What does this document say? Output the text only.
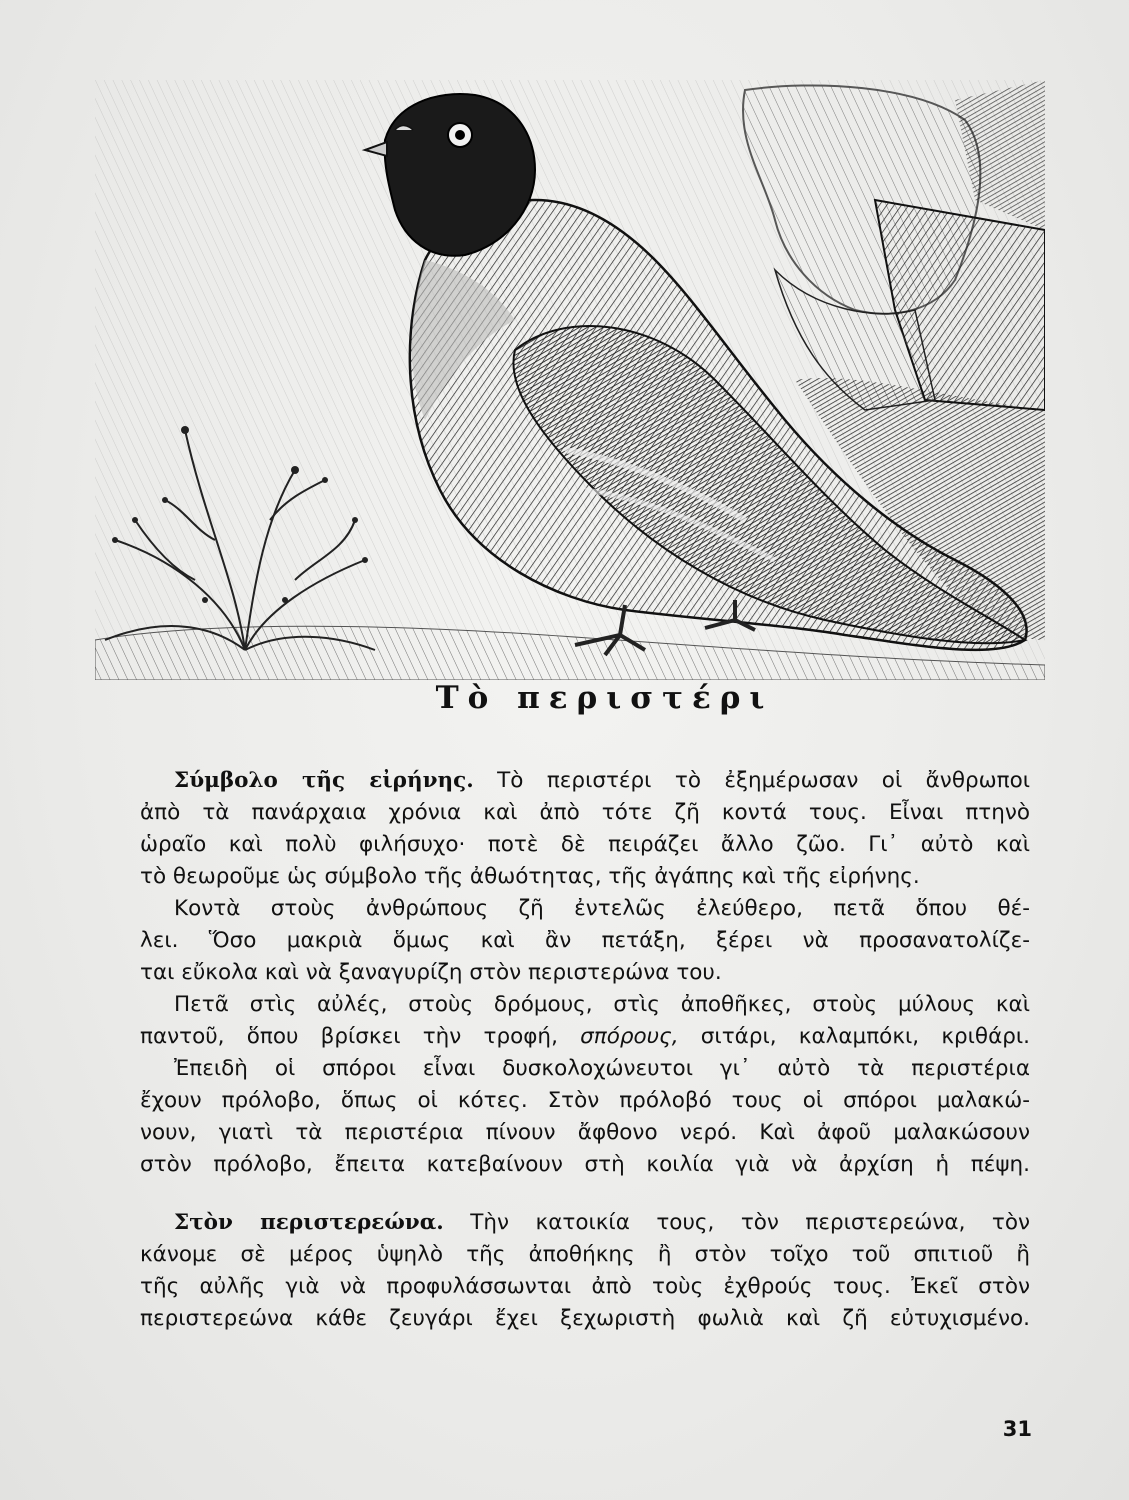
Τὸ περιστέρι
Σύμβολο τῆς εἰρήνης. Τὸ περιστέρι τὸ ἐξημέρωσαν οἱ ἄνθρωποι
ἀπὸ τὰ πανάρχαια χρόνια καὶ ἀπὸ τότε ζῆ κοντά τους. Εἶναι πτηνὸ
ὡραῖο καὶ πολὺ φιλήσυχο· ποτὲ δὲ πειράζει ἄλλο ζῶο. Γι᾽ αὐτὸ καὶ
τὸ θεωροῦμε ὡς σύμβολο τῆς ἀθωότητας, τῆς ἀγάπης καὶ τῆς εἰρήνης.
Κοντὰ στοὺς ἀνθρώπους ζῆ ἐντελῶς ἐλεύθερο, πετᾶ ὅπου θέ-
λει. Ὅσο μακριὰ ὅμως καὶ ἂν πετάξη, ξέρει νὰ προσανατολίζε-
ται εὔκολα καὶ νὰ ξαναγυρίζη στὸν περιστερώνα του.
Πετᾶ στὶς αὐλές, στοὺς δρόμους, στὶς ἀποθῆκες, στοὺς μύλους καὶ
παντοῦ, ὅπου βρίσκει τὴν τροφή, σπόρους, σιτάρι, καλαμπόκι, κριθάρι.
Ἐπειδὴ οἱ σπόροι εἶναι δυσκολοχώνευτοι γι᾽ αὐτὸ τὰ περιστέρια
ἔχουν πρόλοβο, ὅπως οἱ κότες. Στὸν πρόλοβό τους οἱ σπόροι μαλακώ-
νουν, γιατὶ τὰ περιστέρια πίνουν ἄφθονο νερό. Καὶ ἀφοῦ μαλακώσουν
στὸν πρόλοβο, ἔπειτα κατεβαίνουν στὴ κοιλία γιὰ νὰ ἀρχίση ἡ πέψη.
Στὸν περιστερεώνα. Τὴν κατοικία τους, τὸν περιστερεώνα, τὸν
κάνομε σὲ μέρος ὑψηλὸ τῆς ἀποθήκης ἢ στὸν τοῖχο τοῦ σπιτιοῦ ἢ
τῆς αὐλῆς γιὰ νὰ προφυλάσσωνται ἀπὸ τοὺς ἐχθρούς τους. Ἐκεῖ στὸν
περιστερεώνα κάθε ζευγάρι ἔχει ξεχωριστὴ φωλιὰ καὶ ζῆ εὐτυχισμένο.
31
